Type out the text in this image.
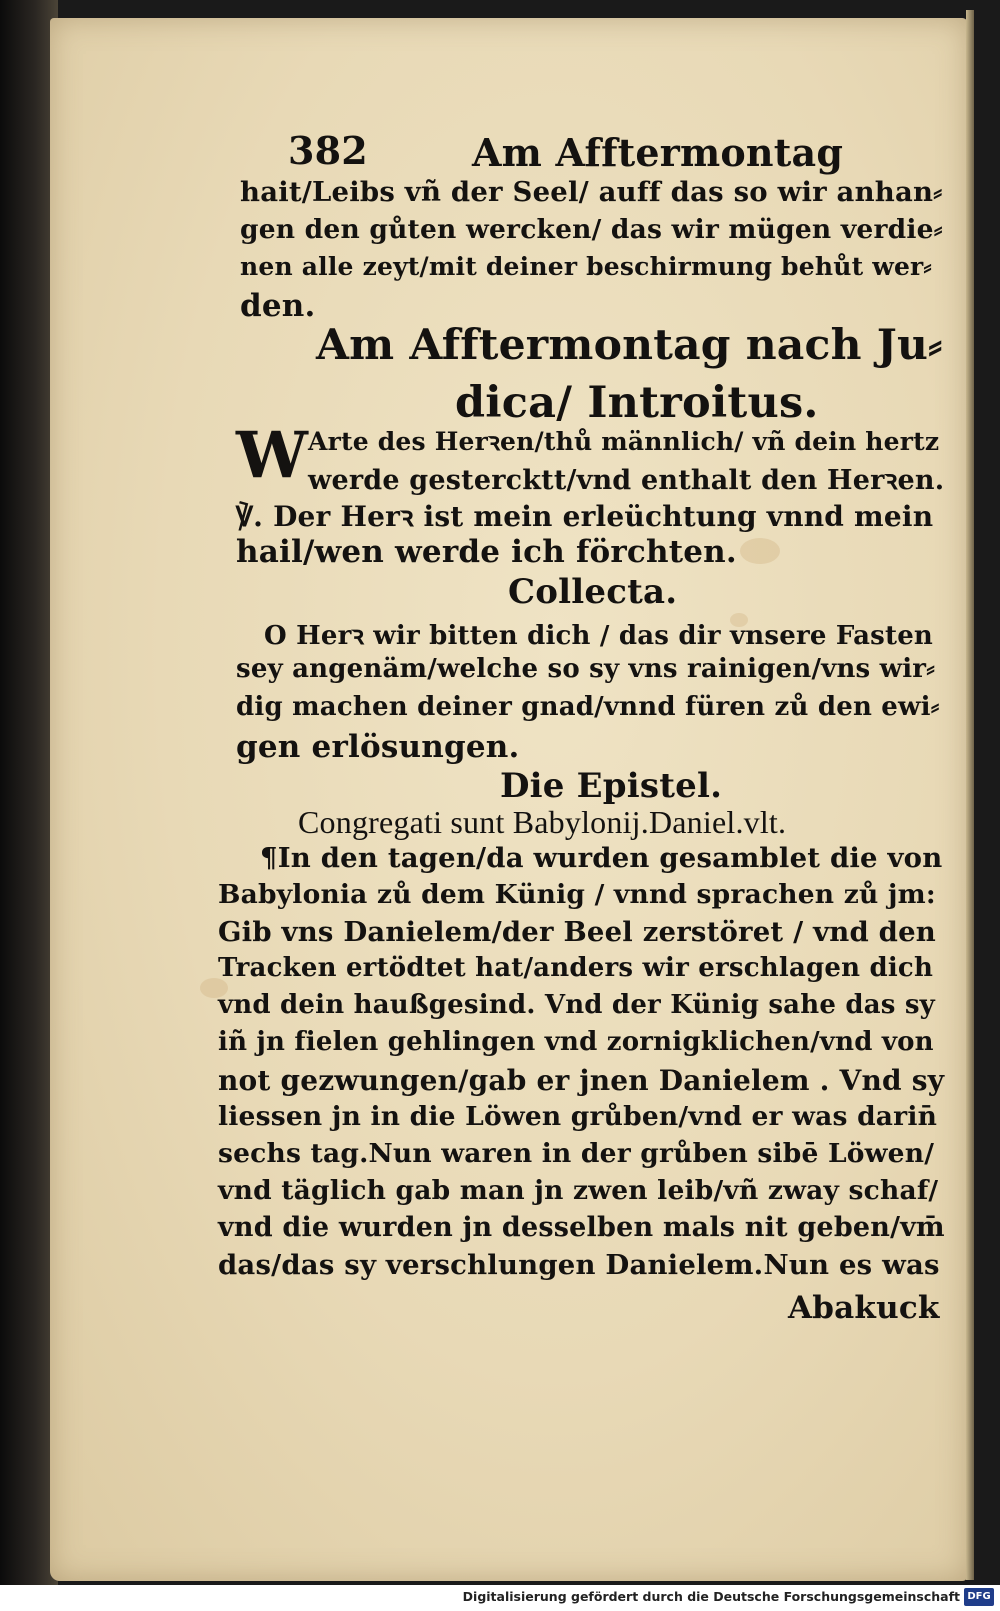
382	Am Afftermontag
hait/Leibs vñ der Seel/ auff das so wir anhan⸗
gen den gůten wercken/ das wir mügen verdie⸗
nen alle zeyt/mit deiner beschirmung behůt wer⸗
den.
Am Afftermontag nach Ju⸗
dica/ Introitus.
W Arte des Herꝛen/thů männlich/ vñ dein hertz
werde gestercktt/vnd enthalt den Herꝛen.
℣. Der Herꝛ ist mein erleüchtung vnnd mein
hail/wen werde ich förchten.
Collecta.
O Herꝛ wir bitten dich / das dir vnsere Fasten
sey angenäm/welche so sy vns rainigen/vns wir⸗
dig machen deiner gnad/vnnd füren zů den ewi⸗
gen erlösungen.
Die Epistel.
Congregati sunt Babylonij.Daniel.vlt.
¶In den tagen/da wurden gesamblet die von
Babylonia zů dem Künig / vnnd sprachen zů jm:
Gib vns Danielem/der Beel zerstöret / vnd den
Tracken ertödtet hat/anders wir erschlagen dich
vnd dein haußgesind. Vnd der Künig sahe das sy
iñ jn fielen gehlingen vnd zornigklichen/vnd von
not gezwungen/gab er jnen Danielem . Vnd sy
liessen jn in die Löwen grůben/vnd er was darin̄
sechs tag.Nun waren in der grůben sibē Löwen/
vnd täglich gab man jn zwen leib/vñ zway schaf/
vnd die wurden jn desselben mals nit geben/vm̄
das/das sy verschlungen Danielem.Nun es was
Abakuck
Digitalisierung gefördert durch die Deutsche Forschungsgemeinschaft DFG
